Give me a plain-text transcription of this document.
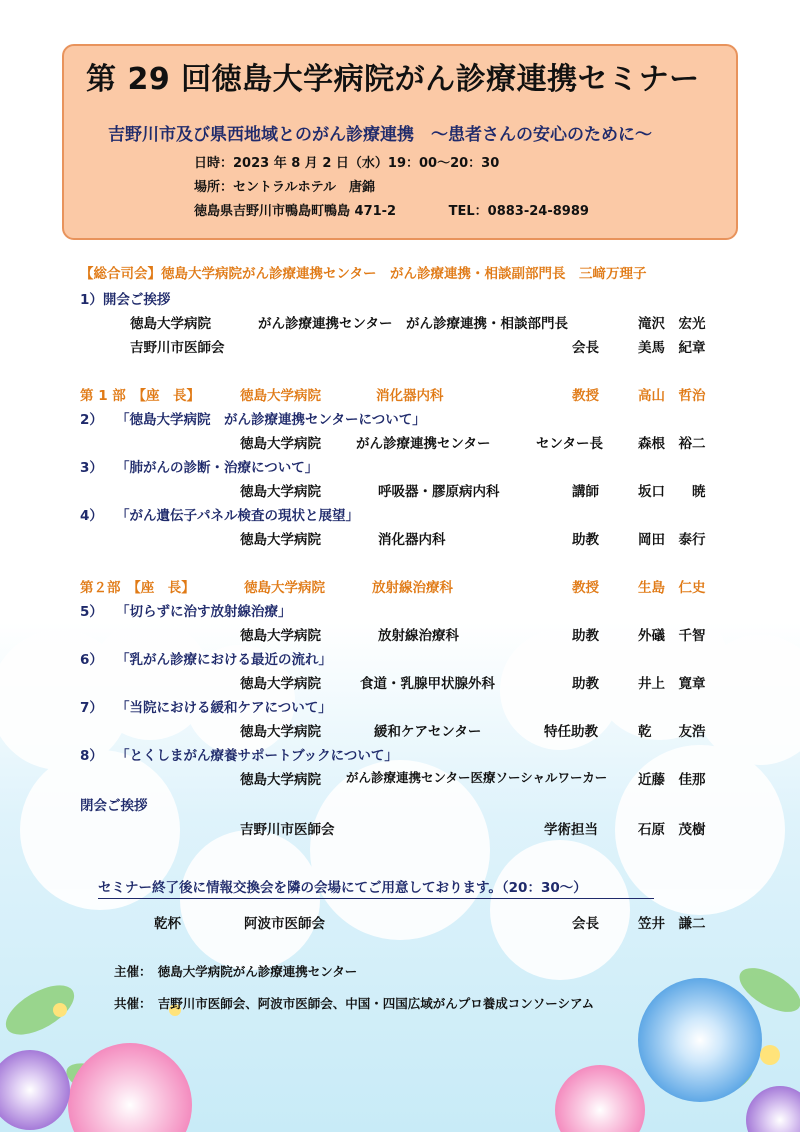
第 29 回徳島大学病院がん診療連携セミナー
吉野川市及び県西地域とのがん診療連携　～患者さんの安心のために～
日時：2023 年 8 月 2 日（水）19：00～20：30
場所：セントラルホテル　唐錦
徳島県吉野川市鴨島町鴨島 471-2	TEL：0883-24-8989
【総合司会】徳島大学病院がん診療連携センター　がん診療連携・相談副部門長　三﨑万理子
1）開会ご挨拶
徳島大学病院	がん診療連携センター　がん診療連携・相談部門長	滝沢　宏光
吉野川市医師会	会長	美馬　紀章
第 1 部　【座　長】	徳島大学病院	消化器内科	教授	高山　哲治
2） 「徳島大学病院　がん診療連携センターについて」
徳島大学病院	がん診療連携センター	センター長	森根　裕二
3） 「肺がんの診断・治療について」
徳島大学病院	呼吸器・膠原病内科	講師	坂口　　暁
4） 「がん遺伝子パネル検査の現状と展望」
徳島大学病院	消化器内科	助教	岡田　泰行
第２部　【座　長】	徳島大学病院	放射線治療科	教授	生島　仁史
5） 「切らずに治す放射線治療」
徳島大学病院	放射線治療科	助教	外礒　千智
6） 「乳がん診療における最近の流れ」
徳島大学病院	食道・乳腺甲状腺外科	助教	井上　寛章
7） 「当院における緩和ケアについて」
徳島大学病院	緩和ケアセンター	特任助教	乾　　友浩
8） 「とくしまがん療養サポートブックについて」
徳島大学病院 がん診療連携センター医療ソーシャルワーカー 近藤　佳那
閉会ご挨拶
吉野川市医師会	学術担当	石原　茂樹
セミナー終了後に情報交換会を隣の会場にてご用意しております。（20：30～）
乾杯	阿波市医師会	会長	笠井　謙二
主催：　徳島大学病院がん診療連携センター
共催：　吉野川市医師会、阿波市医師会、中国・四国広域がんプロ養成コンソーシアム
